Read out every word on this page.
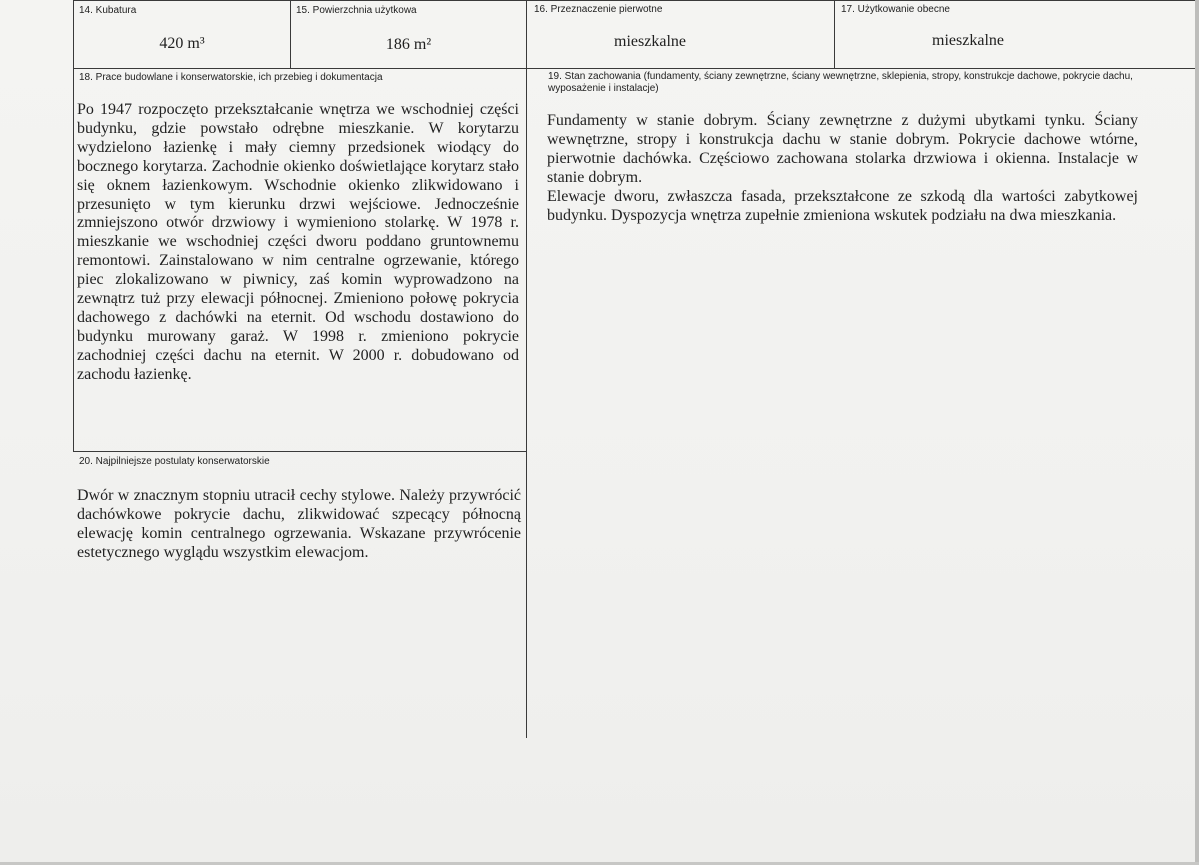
14. Kubatura
420 m³
15. Powierzchnia użytkowa
186 m²
16. Przeznaczenie pierwotne
mieszkalne
17. Użytkowanie obecne
mieszkalne
18. Prace budowlane i konserwatorskie, ich przebieg i dokumentacja

Po 1947 rozpoczęto przekształcanie wnętrza we wschodniej części budynku, gdzie powstało odrębne mieszkanie. W korytarzu wydzielono łazienkę i mały ciemny przedsionek wiodący do bocznego korytarza. Zachodnie okienko doświetlające korytarz stało się oknem łazienkowym. Wschodnie okienko zlikwidowano i przesunięto w tym kierunku drzwi wejściowe. Jednocześnie zmniejszono otwór drzwiowy i wymieniono stolarkę. W 1978 r. mieszkanie we wschodniej części dworu poddano gruntownemu remontowi. Zainstalowano w nim centralne ogrzewanie, którego piec zlokalizowano w piwnicy, zaś komin wyprowadzono na zewnątrz tuż przy elewacji północnej. Zmieniono połowę pokrycia dachowego z dachówki na eternit. Od wschodu dostawiono do budynku murowany garaż. W 1998 r. zmieniono pokrycie zachodniej części dachu na eternit. W 2000 r. dobudowano od zachodu łazienkę.

19. Stan zachowania (fundamenty, ściany zewnętrzne, ściany wewnętrzne, sklepienia, stropy, konstrukcje dachowe, pokrycie dachu, wyposażenie i instalacje)

Fundamenty w stanie dobrym. Ściany zewnętrzne z dużymi ubytkami tynku. Ściany wewnętrzne, stropy i konstrukcja dachu w stanie dobrym. Pokrycie dachowe wtórne, pierwotnie dachówka. Częściowo zachowana stolarka drzwiowa i okienna. Instalacje w stanie dobrym.

Elewacje dworu, zwłaszcza fasada, przekształcone ze szkodą dla wartości zabytkowej budynku. Dyspozycja wnętrza zupełnie zmieniona wskutek podziału na dwa mieszkania.

20. Najpilniejsze postulaty konserwatorskie

Dwór w znacznym stopniu utracił cechy stylowe. Należy przywrócić dachówkowe pokrycie dachu, zlikwidować szpecący północną elewację komin centralnego ogrzewania. Wskazane przywrócenie estetycznego wyglądu wszystkim elewacjom.
